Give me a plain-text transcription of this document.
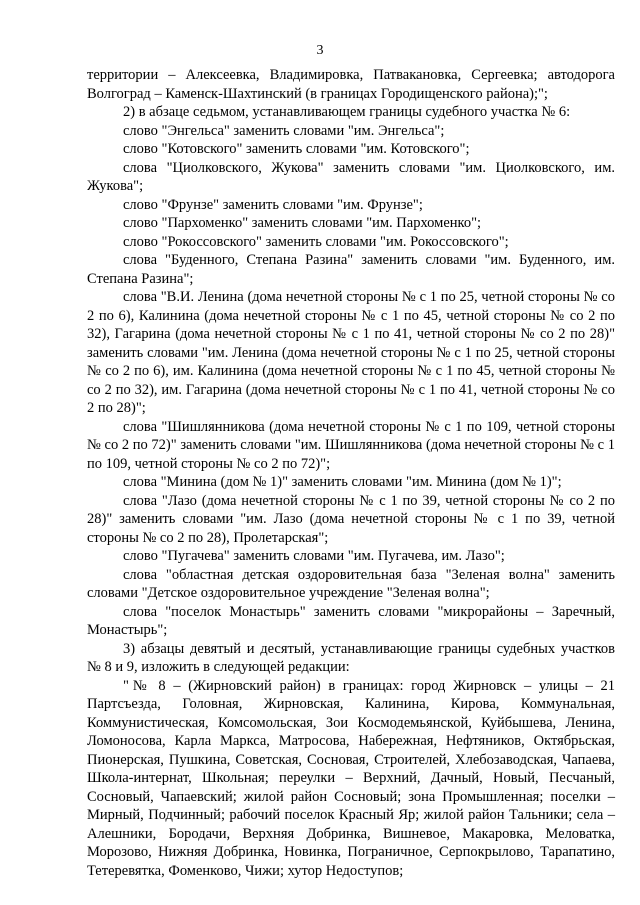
3

территории – Алексеевка, Владимировка, Патвакановка, Сергеевка; автодорога Волгоград – Каменск-Шахтинский (в границах Городищенского района);";

2) в абзаце седьмом, устанавливающем границы судебного участка № 6:

слово "Энгельса" заменить словами "им. Энгельса";

слово "Котовского" заменить словами "им. Котовского";

слова "Циолковского, Жукова" заменить словами "им. Циолковского, им. Жукова";

слово "Фрунзе" заменить словами "им. Фрунзе";

слово "Пархоменко" заменить словами "им. Пархоменко";

слово "Рокоссовского" заменить словами "им. Рокоссовского";

слова "Буденного, Степана Разина" заменить словами "им. Буденного, им. Степана Разина";

слова "В.И. Ленина (дома нечетной стороны № с 1 по 25, четной стороны № со 2 по 6), Калинина (дома нечетной стороны № с 1 по 45, четной стороны № со 2 по 32), Гагарина (дома нечетной стороны № с 1 по 41, четной стороны № со 2 по 28)" заменить словами "им. Ленина (дома нечетной стороны № с 1 по 25, четной стороны № со 2 по 6), им. Калинина (дома нечетной стороны № с 1 по 45, четной стороны № со 2 по 32), им. Гагарина (дома нечетной стороны № с 1 по 41, четной стороны № со 2 по 28)";

слова "Шишлянникова (дома нечетной стороны № с 1 по 109, четной стороны № со 2 по 72)" заменить словами "им. Шишлянникова (дома нечетной стороны № с 1 по 109, четной стороны № со 2 по 72)";

слова "Минина (дом № 1)" заменить словами "им. Минина (дом № 1)";

слова "Лазо (дома нечетной стороны № с 1 по 39, четной стороны № со 2 по 28)" заменить словами "им. Лазо (дома нечетной стороны № с 1 по 39, четной стороны № со 2 по 28), Пролетарская";

слово "Пугачева" заменить словами "им. Пугачева, им. Лазо";

слова "областная детская оздоровительная база "Зеленая волна" заменить словами "Детское оздоровительное учреждение "Зеленая волна";

слова "поселок Монастырь" заменить словами "микрорайоны – Заречный, Монастырь";

3) абзацы девятый и десятый, устанавливающие границы судебных участков № 8 и 9, изложить в следующей редакции:

"№ 8 – (Жирновский район) в границах: город Жирновск – улицы – 21 Партсъезда, Головная, Жирновская, Калинина, Кирова, Коммунальная, Коммунистическая, Комсомольская, Зои Космодемьянской, Куйбышева, Ленина, Ломоносова, Карла Маркса, Матросова, Набережная, Нефтяников, Октябрьская, Пионерская, Пушкина, Советская, Сосновая, Строителей, Хлебозаводская, Чапаева, Школа-интернат, Школьная; переулки – Верхний, Дачный, Новый, Песчаный, Сосновый, Чапаевский; жилой район Сосновый; зона Промышленная; поселки – Мирный, Подчинный; рабочий поселок Красный Яр; жилой район Тальники; села – Алешники, Бородачи, Верхняя Добринка, Вишневое, Макаровка, Меловатка, Морозово, Нижняя Добринка, Новинка, Пограничное, Серпокрылово, Тарапатино, Тетеревятка, Фоменково, Чижи; хутор Недоступов;
